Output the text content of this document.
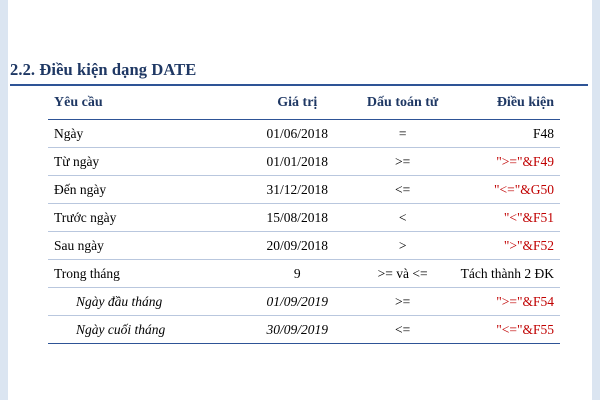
2.2. Điều kiện dạng DATE
Yêu cầu	Giá trị	Dấu toán tử	Điều kiện
Ngày	01/06/2018	=	F48
Từ ngày	01/01/2018	>=	">="&F49
Đến ngày	31/12/2018	<=	"<="&G50
Trước ngày	15/08/2018	<	"<"&F51
Sau ngày	20/09/2018	>	">"&F52
Trong tháng	9	>= và <=	Tách thành 2 ĐK
Ngày đầu tháng	01/09/2019	>=	">="&F54
Ngày cuối tháng	30/09/2019	<=	"<="&F55
